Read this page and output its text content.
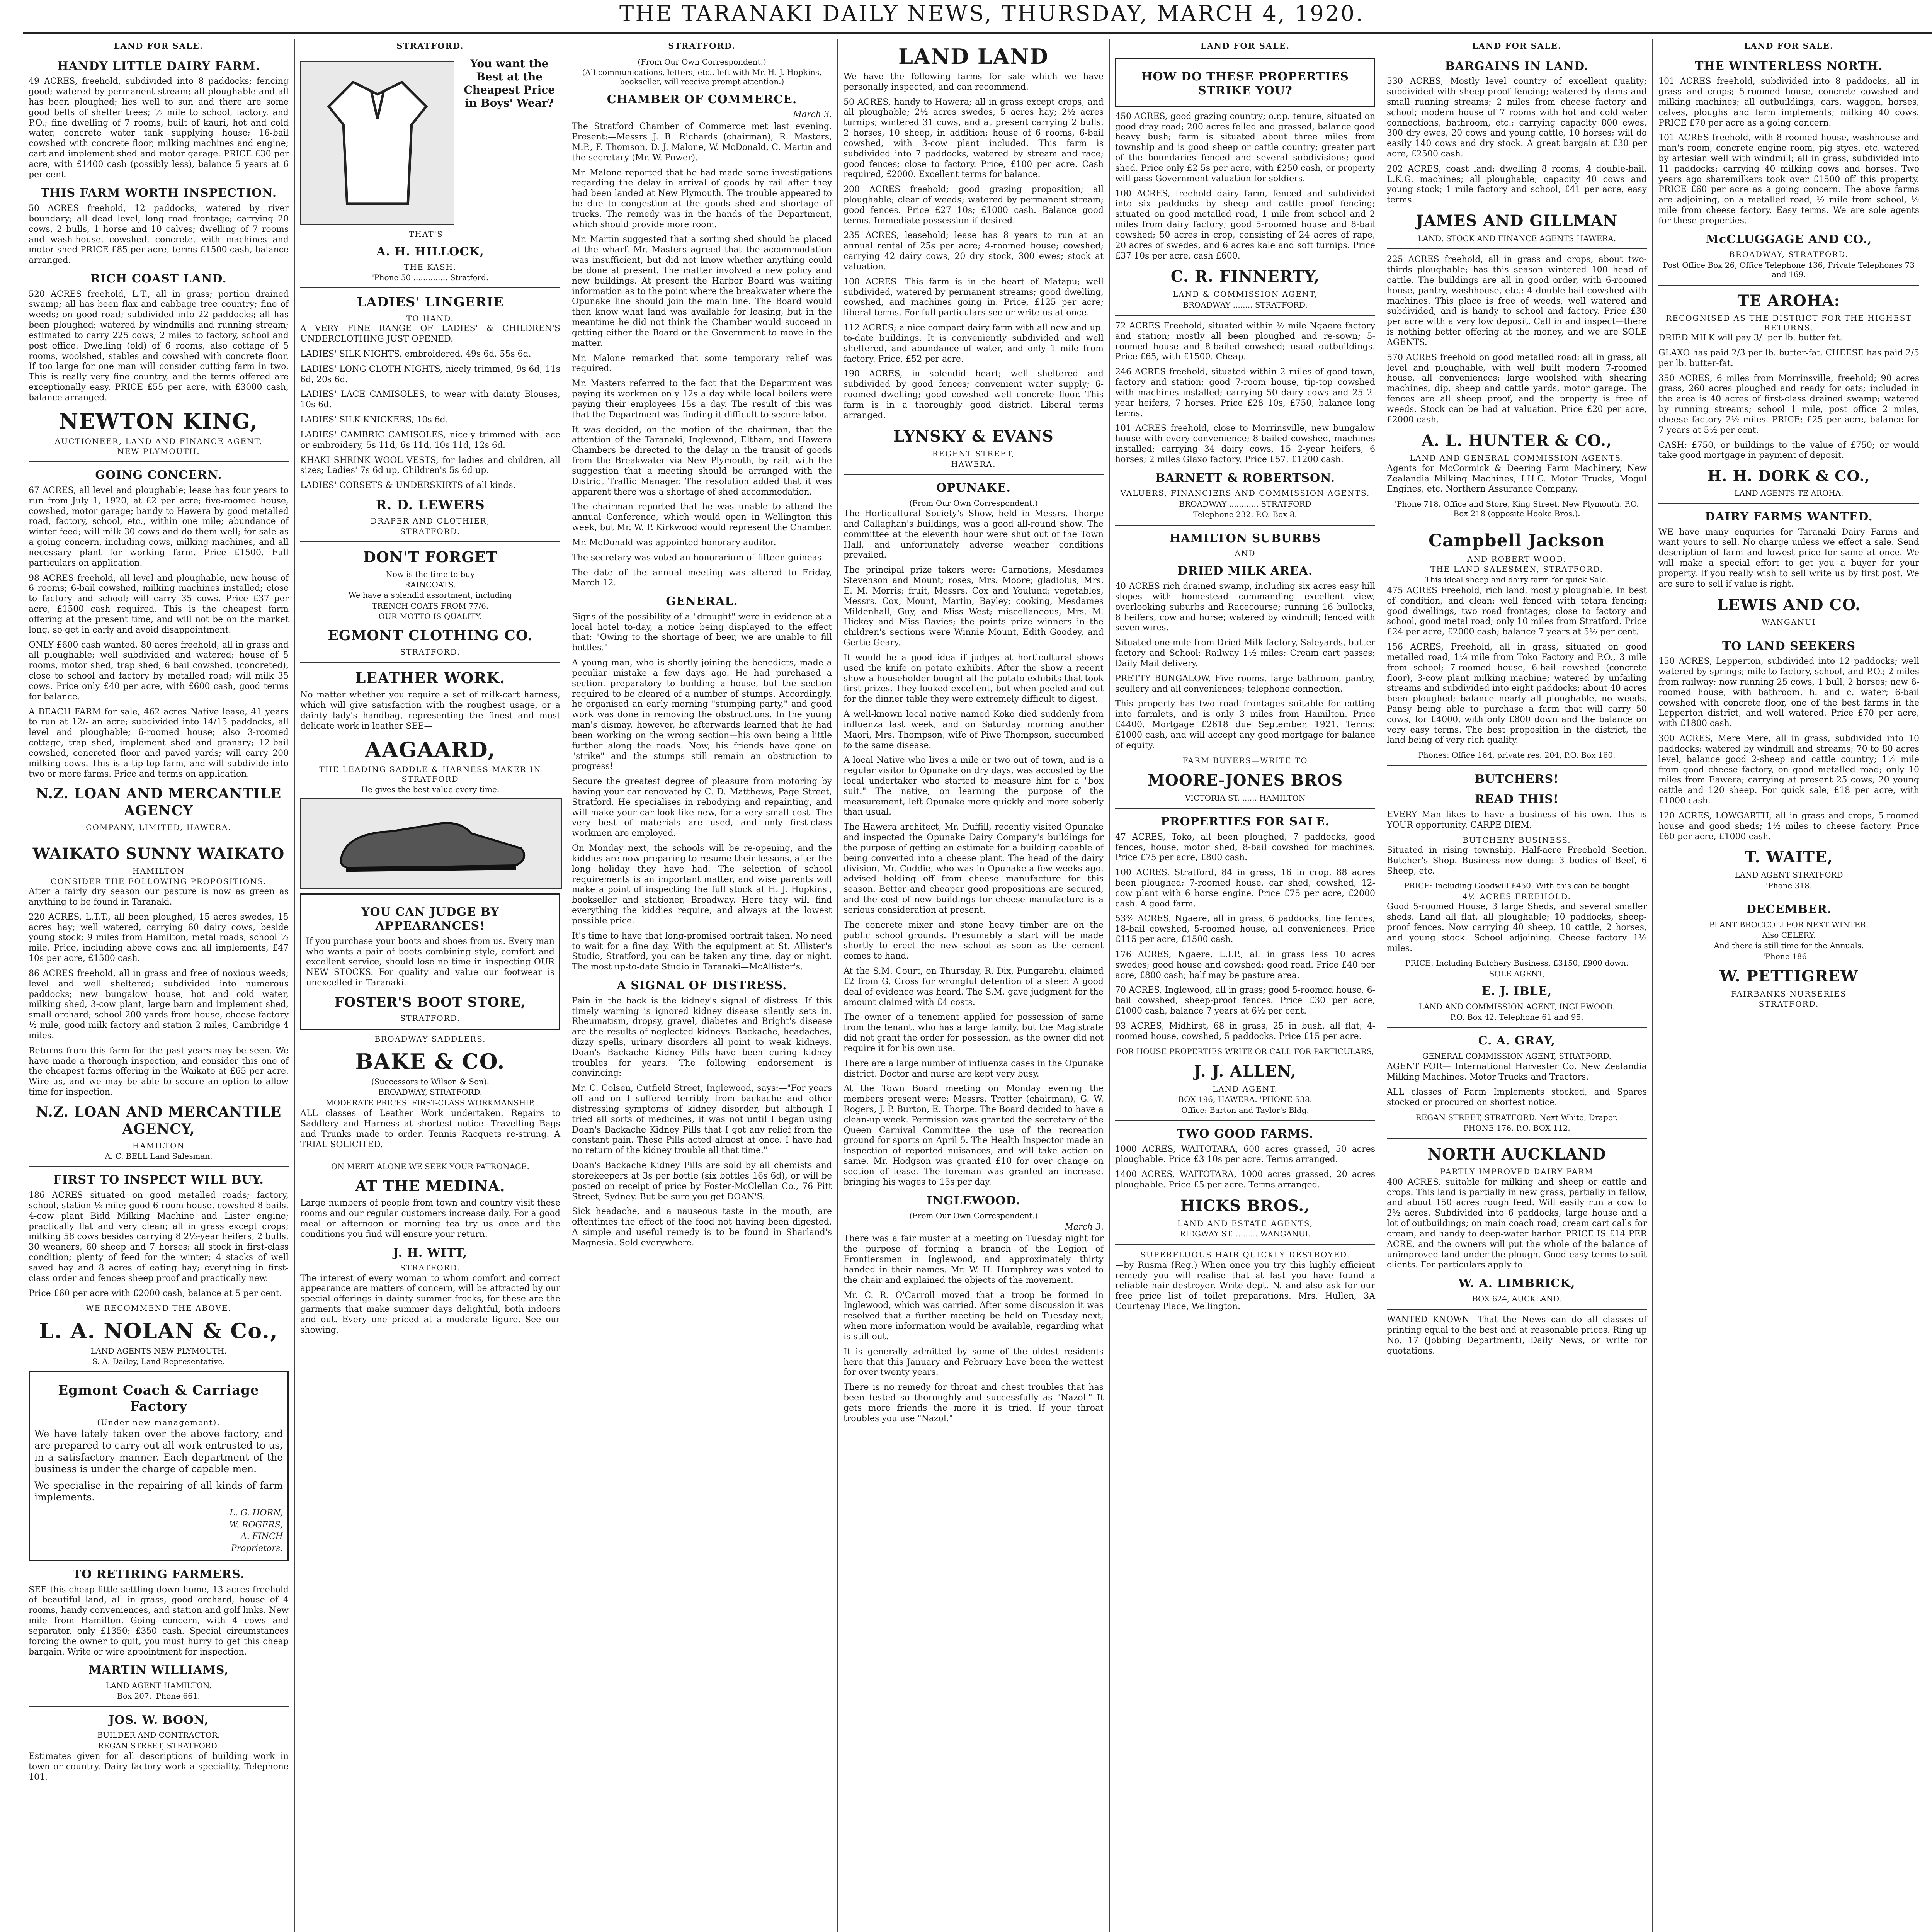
THE TARANAKI DAILY NEWS, THURSDAY, MARCH 4, 1920.
LAND FOR SALE.
HANDY LITTLE DAIRY FARM.

49 ACRES, freehold, subdivided into 8 paddocks; fencing good; watered by permanent stream; all ploughable and all has been ploughed; lies well to sun and there are some good belts of shelter trees; ½ mile to school, factory, and P.O.; fine dwelling of 7 rooms, built of kauri, hot and cold water, concrete water tank supplying house; 16-bail cowshed with concrete floor, milking machines and engine; cart and implement shed and motor garage. PRICE £30 per acre, with £1400 cash (possibly less), balance 5 years at 6 per cent.

THIS FARM WORTH INSPECTION.

50 ACRES freehold, 12 paddocks, watered by river boundary; all dead level, long road frontage; carrying 20 cows, 2 bulls, 1 horse and 10 calves; dwelling of 7 rooms and wash-house, cowshed, concrete, with machines and motor shed PRICE £85 per acre, terms £1500 cash, balance arranged.

RICH COAST LAND.

520 ACRES freehold, L.T., all in grass; portion drained swamp; all has been flax and cabbage tree country; fine of weeds; on good road; subdivided into 22 paddocks; all has been ploughed; watered by windmills and running stream; estimated to carry 225 cows; 2 miles to factory, school and post office. Dwelling (old) of 6 rooms, also cottage of 5 rooms, woolshed, stables and cowshed with concrete floor. If too large for one man will consider cutting farm in two. This is really very fine country, and the terms offered are exceptionally easy. PRICE £55 per acre, with £3000 cash, balance arranged.

NEWTON KING,
AUCTIONEER, LAND AND FINANCE AGENT,
NEW PLYMOUTH.
GOING CONCERN.

67 ACRES, all level and ploughable; lease has four years to run from July 1, 1920, at £2 per acre; five-roomed house, cowshed, motor garage; handy to Hawera by good metalled road, factory, school, etc., within one mile; abundance of winter feed; will milk 30 cows and do them well; for sale as a going concern, including cows, milking machines, and all necessary plant for working farm. Price £1500. Full particulars on application.

98 ACRES freehold, all level and ploughable, new house of 6 rooms; 6-bail cowshed, milking machines installed; close to factory and school; will carry 35 cows. Price £37 per acre, £1500 cash required. This is the cheapest farm offering at the present time, and will not be on the market long, so get in early and avoid disappointment.

ONLY £600 cash wanted. 80 acres freehold, all in grass and all ploughable; well subdivided and watered; house of 5 rooms, motor shed, trap shed, 6 bail cowshed, (concreted), close to school and factory by metalled road; will milk 35 cows. Price only £40 per acre, with £600 cash, good terms for balance.

A BEACH FARM for sale, 462 acres Native lease, 41 years to run at 12/- an acre; subdivided into 14/15 paddocks, all level and ploughable; 6-roomed house; also 3-roomed cottage, trap shed, implement shed and granary; 12-bail cowshed, concreted floor and paved yards; will carry 200 milking cows. This is a tip-top farm, and will subdivide into two or more farms. Price and terms on application.

N.Z. LOAN AND MERCANTILE AGENCY
COMPANY, LIMITED, HAWERA.
WAIKATO SUNNY WAIKATO
HAMILTON
CONSIDER THE FOLLOWING PROPOSITIONS.

After a fairly dry season our pasture is now as green as anything to be found in Taranaki.

220 ACRES, L.T.T., all been ploughed, 15 acres swedes, 15 acres hay; well watered, carrying 60 dairy cows, beside young stock; 9 miles from Hamilton, metal roads, school ½ mile. Price, including above cows and all implements, £47 10s per acre, £1500 cash.

86 ACRES freehold, all in grass and free of noxious weeds; level and well sheltered; subdivided into numerous paddocks; new bungalow house, hot and cold water, milking shed, 3-cow plant, large barn and implement shed, small orchard; school 200 yards from house, cheese factory ½ mile, good milk factory and station 2 miles, Cambridge 4 miles.

Returns from this farm for the past years may be seen. We have made a thorough inspection, and consider this one of the cheapest farms offering in the Waikato at £65 per acre. Wire us, and we may be able to secure an option to allow time for inspection.

N.Z. LOAN AND MERCANTILE AGENCY,
HAMILTON
A. C. BELL Land Salesman.
FIRST TO INSPECT WILL BUY.

186 ACRES situated on good metalled roads; factory, school, station ½ mile; good 6-room house, cowshed 8 bails, 4-cow plant Bidd Milking Machine and Lister engine; practically flat and very clean; all in grass except crops; milking 58 cows besides carrying 8 2½-year heifers, 2 bulls, 30 weaners, 60 sheep and 7 horses; all stock in first-class condition; plenty of feed for the winter; 4 stacks of well saved hay and 8 acres of eating hay; everything in first-class order and fences sheep proof and practically new.

Price £60 per acre with £2000 cash, balance at 5 per cent.

WE RECOMMEND THE ABOVE.
L. A. NOLAN & Co.,
LAND AGENTS NEW PLYMOUTH.
S. A. Dailey, Land Representative.
Egmont Coach & Carriage Factory
(Under new management).

We have lately taken over the above factory, and are prepared to carry out all work entrusted to us, in a satisfactory manner. Each department of the business is under the charge of capable men.

We specialise in the repairing of all kinds of farm implements.

L. G. HORN,
W. ROGERS,
A. FINCH
Proprietors.
TO RETIRING FARMERS.

SEE this cheap little settling down home, 13 acres freehold of beautiful land, all in grass, good orchard, house of 4 rooms, handy conveniences, and station and golf links. New mile from Hamilton. Going concern, with 4 cows and separator, only £1350; £350 cash. Special circumstances forcing the owner to quit, you must hurry to get this cheap bargain. Write or wire appointment for inspection.

MARTIN WILLIAMS,
LAND AGENT HAMILTON.
Box 207. 'Phone 661.
JOS. W. BOON,
BUILDER AND CONTRACTOR.
REGAN STREET, STRATFORD.

Estimates given for all descriptions of building work in town or country. Dairy factory work a speciality. Telephone 101.

STRATFORD.
You want the Best at the Cheapest Price in Boys' Wear?
THAT'S—
A. H. HILLOCK,
THE KASH.
'Phone 50 .............. Stratford.
LADIES' LINGERIE
TO HAND.

A VERY FINE RANGE OF LADIES' & CHILDREN'S UNDERCLOTHING JUST OPENED.

LADIES' SILK NIGHTS, embroidered, 49s 6d, 55s 6d.

LADIES' LONG CLOTH NIGHTS, nicely trimmed, 9s 6d, 11s 6d, 20s 6d.

LADIES' LACE CAMISOLES, to wear with dainty Blouses, 10s 6d.

LADIES' SILK KNICKERS, 10s 6d.

LADIES' CAMBRIC CAMISOLES, nicely trimmed with lace or embroidery, 5s 11d, 6s 11d, 10s 11d, 12s 6d.

KHAKI SHRINK WOOL VESTS, for ladies and children, all sizes; Ladies' 7s 6d up, Children's 5s 6d up.

LADIES' CORSETS & UNDERSKIRTS of all kinds.

R. D. LEWERS
DRAPER AND CLOTHIER,
STRATFORD.
DON'T FORGET
Now is the time to buy
RAINCOATS.
We have a splendid assortment, including
TRENCH COATS FROM 77/6.
OUR MOTTO IS QUALITY.
EGMONT CLOTHING CO.
STRATFORD.
LEATHER WORK.

No matter whether you require a set of milk-cart harness, which will give satisfaction with the roughest usage, or a dainty lady's handbag, representing the finest and most delicate work in leather SEE—

AAGAARD,
THE LEADING SADDLE & HARNESS MAKER IN STRATFORD
He gives the best value every time.
YOU CAN JUDGE BY APPEARANCES!

If you purchase your boots and shoes from us. Every man who wants a pair of boots combining style, comfort and excellent service, should lose no time in inspecting OUR NEW STOCKS. For quality and value our footwear is unexcelled in Taranaki.

FOSTER'S BOOT STORE,
STRATFORD.
BROADWAY SADDLERS.
BAKE & CO.
(Successors to Wilson & Son).
BROADWAY, STRATFORD.
MODERATE PRICES. FIRST-CLASS WORKMANSHIP.

ALL classes of Leather Work undertaken. Repairs to Saddlery and Harness at shortest notice. Travelling Bags and Trunks made to order. Tennis Racquets re-strung. A TRIAL SOLICITED.

ON MERIT ALONE WE SEEK YOUR PATRONAGE.
AT THE MEDINA.

Large numbers of people from town and country visit these rooms and our regular customers increase daily. For a good meal or afternoon or morning tea try us once and the conditions you find will ensure your return.

J. H. WITT,
STRATFORD.

The interest of every woman to whom comfort and correct appearance are matters of concern, will be attracted by our special offerings in dainty summer frocks, for these are the garments that make summer days delightful, both indoors and out. Every one priced at a moderate figure. See our showing.

STRATFORD.
(From Our Own Correspondent.)
(All communications, letters, etc., left with Mr. H. J. Hopkins, bookseller, will receive prompt attention.)
CHAMBER OF COMMERCE.
March 3.

The Stratford Chamber of Commerce met last evening. Present:—Messrs J. B. Richards (chairman), R. Masters, M.P., F. Thomson, D. J. Malone, W. McDonald, C. Martin and the secretary (Mr. W. Power).

Mr. Malone reported that he had made some investigations regarding the delay in arrival of goods by rail after they had been landed at New Plymouth. The trouble appeared to be due to congestion at the goods shed and shortage of trucks. The remedy was in the hands of the Department, which should provide more room.

Mr. Martin suggested that a sorting shed should be placed at the wharf. Mr. Masters agreed that the accommodation was insufficient, but did not know whether anything could be done at present. The matter involved a new policy and new buildings. At present the Harbor Board was waiting information as to the point where the breakwater where the Opunake line should join the main line. The Board would then know what land was available for leasing, but in the meantime he did not think the Chamber would succeed in getting either the Board or the Government to move in the matter.

Mr. Malone remarked that some temporary relief was required.

Mr. Masters referred to the fact that the Department was paying its workmen only 12s a day while local boilers were paying their employees 15s a day. The result of this was that the Department was finding it difficult to secure labor.

It was decided, on the motion of the chairman, that the attention of the Taranaki, Inglewood, Eltham, and Hawera Chambers be directed to the delay in the transit of goods from the Breakwater via New Plymouth, by rail, with the suggestion that a meeting should be arranged with the District Traffic Manager. The resolution added that it was apparent there was a shortage of shed accommodation.

The chairman reported that he was unable to attend the annual Conference, which would open in Wellington this week, but Mr. W. P. Kirkwood would represent the Chamber.

Mr. McDonald was appointed honorary auditor.

The secretary was voted an honorarium of fifteen guineas.

The date of the annual meeting was altered to Friday, March 12.

GENERAL.

Signs of the possibility of a "drought" were in evidence at a local hotel to-day, a notice being displayed to the effect that: "Owing to the shortage of beer, we are unable to fill bottles."

A young man, who is shortly joining the benedicts, made a peculiar mistake a few days ago. He had purchased a section, preparatory to building a house, but the section required to be cleared of a number of stumps. Accordingly, he organised an early morning "stumping party," and good work was done in removing the obstructions. In the young man's dismay, however, he afterwards learned that he had been working on the wrong section—his own being a little further along the roads. Now, his friends have gone on "strike" and the stumps still remain an obstruction to progress!

Secure the greatest degree of pleasure from motoring by having your car renovated by C. D. Matthews, Page Street, Stratford. He specialises in rebodying and repainting, and will make your car look like new, for a very small cost. The very best of materials are used, and only first-class workmen are employed.

On Monday next, the schools will be re-opening, and the kiddies are now preparing to resume their lessons, after the long holiday they have had. The selection of school requirements is an important matter, and wise parents will make a point of inspecting the full stock at H. J. Hopkins', bookseller and stationer, Broadway. Here they will find everything the kiddies require, and always at the lowest possible price.

It's time to have that long-promised portrait taken. No need to wait for a fine day. With the equipment at St. Allister's Studio, Stratford, you can be taken any time, day or night. The most up-to-date Studio in Taranaki—McAllister's.

A SIGNAL OF DISTRESS.

Pain in the back is the kidney's signal of distress. If this timely warning is ignored kidney disease silently sets in. Rheumatism, dropsy, gravel, diabetes and Bright's disease are the results of neglected kidneys. Backache, headaches, dizzy spells, urinary disorders all point to weak kidneys. Doan's Backache Kidney Pills have been curing kidney troubles for years. The following endorsement is convincing:

Mr. C. Colsen, Cutfield Street, Inglewood, says:—"For years off and on I suffered terribly from backache and other distressing symptoms of kidney disorder, but although I tried all sorts of medicines, it was not until I began using Doan's Backache Kidney Pills that I got any relief from the constant pain. These Pills acted almost at once. I have had no return of the kidney trouble all that time."

Doan's Backache Kidney Pills are sold by all chemists and storekeepers at 3s per bottle (six bottles 16s 6d), or will be posted on receipt of price by Foster-McClellan Co., 76 Pitt Street, Sydney. But be sure you get DOAN'S.

Sick headache, and a nauseous taste in the mouth, are oftentimes the effect of the food not having been digested. A simple and useful remedy is to be found in Sharland's Magnesia. Sold everywhere.

LAND LAND

We have the following farms for sale which we have personally inspected, and can recommend.

50 ACRES, handy to Hawera; all in grass except crops, and all ploughable; 2½ acres swedes, 5 acres hay; 2½ acres turnips; wintered 31 cows, and at present carrying 2 bulls, 2 horses, 10 sheep, in addition; house of 6 rooms, 6-bail cowshed, with 3-cow plant included. This farm is subdivided into 7 paddocks, watered by stream and race; good fences; close to factory. Price, £100 per acre. Cash required, £2000. Excellent terms for balance.

200 ACRES freehold; good grazing proposition; all ploughable; clear of weeds; watered by permanent stream; good fences. Price £27 10s; £1000 cash. Balance good terms. Immediate possession if desired.

235 ACRES, leasehold; lease has 8 years to run at an annual rental of 25s per acre; 4-roomed house; cowshed; carrying 42 dairy cows, 20 dry stock, 300 ewes; stock at valuation.

100 ACRES—This farm is in the heart of Matapu; well subdivided, watered by permanent streams; good dwelling, cowshed, and machines going in. Price, £125 per acre; liberal terms. For full particulars see or write us at once.

112 ACRES; a nice compact dairy farm with all new and up-to-date buildings. It is conveniently subdivided and well sheltered, and abundance of water, and only 1 mile from factory. Price, £52 per acre.

190 ACRES, in splendid heart; well sheltered and subdivided by good fences; convenient water supply; 6-roomed dwelling; good cowshed well concrete floor. This farm is in a thoroughly good district. Liberal terms arranged.

LYNSKY & EVANS
REGENT STREET,
HAWERA.
OPUNAKE.
(From Our Own Correspondent.)

The Horticultural Society's Show, held in Messrs. Thorpe and Callaghan's buildings, was a good all-round show. The committee at the eleventh hour were shut out of the Town Hall, and unfortunately adverse weather conditions prevailed.

The principal prize takers were: Carnations, Mesdames Stevenson and Mount; roses, Mrs. Moore; gladiolus, Mrs. E. M. Morris; fruit, Messrs. Cox and Youlund; vegetables, Messrs. Cox, Mount, Martin, Bayley; cooking, Mesdames Mildenhall, Guy, and Miss West; miscellaneous, Mrs. M. Hickey and Miss Davies; the points prize winners in the children's sections were Winnie Mount, Edith Goodey, and Gertie Geary.

It would be a good idea if judges at horticultural shows used the knife on potato exhibits. After the show a recent show a householder bought all the potato exhibits that took first prizes. They looked excellent, but when peeled and cut for the dinner table they were extremely difficult to digest.

A well-known local native named Koko died suddenly from influenza last week, and on Saturday morning another Maori, Mrs. Thompson, wife of Piwe Thompson, succumbed to the same disease.

A local Native who lives a mile or two out of town, and is a regular visitor to Opunake on dry days, was accosted by the local undertaker who started to measure him for a "box suit." The native, on learning the purpose of the measurement, left Opunake more quickly and more soberly than usual.

The Hawera architect, Mr. Duffill, recently visited Opunake and inspected the Opunake Dairy Company's buildings for the purpose of getting an estimate for a building capable of being converted into a cheese plant. The head of the dairy division, Mr. Cuddie, who was in Opunake a few weeks ago, advised holding off from cheese manufacture for this season. Better and cheaper good propositions are secured, and the cost of new buildings for cheese manufacture is a serious consideration at present.

The concrete mixer and stone heavy timber are on the public school grounds. Presumably a start will be made shortly to erect the new school as soon as the cement comes to hand.

At the S.M. Court, on Thursday, R. Dix, Pungarehu, claimed £2 from G. Cross for wrongful detention of a steer. A good deal of evidence was heard. The S.M. gave judgment for the amount claimed with £4 costs.

The owner of a tenement applied for possession of same from the tenant, who has a large family, but the Magistrate did not grant the order for possession, as the owner did not require it for his own use.

There are a large number of influenza cases in the Opunake district. Doctor and nurse are kept very busy.

At the Town Board meeting on Monday evening the members present were: Messrs. Trotter (chairman), G. W. Rogers, J. P. Burton, E. Thorpe. The Board decided to have a clean-up week. Permission was granted the secretary of the Queen Carnival Committee the use of the recreation ground for sports on April 5. The Health Inspector made an inspection of reported nuisances, and will take action on same. Mr. Hodgson was granted £10 for over change on section of lease. The foreman was granted an increase, bringing his wages to 15s per day.

INGLEWOOD.
(From Our Own Correspondent.)
March 3.

There was a fair muster at a meeting on Tuesday night for the purpose of forming a branch of the Legion of Frontiersmen in Inglewood, and approximately thirty handed in their names. Mr. W. H. Humphrey was voted to the chair and explained the objects of the movement.

Mr. C. R. O'Carroll moved that a troop be formed in Inglewood, which was carried. After some discussion it was resolved that a further meeting be held on Tuesday next, when more information would be available, regarding what is still out.

It is generally admitted by some of the oldest residents here that this January and February have been the wettest for over twenty years.

There is no remedy for throat and chest troubles that has been tested so thoroughly and successfully as "Nazol." It gets more friends the more it is tried. If your throat troubles you use "Nazol."

LAND FOR SALE.
HOW DO THESE PROPERTIES STRIKE YOU?

450 ACRES, good grazing country; o.r.p. tenure, situated on good dray road; 200 acres felled and grassed, balance good heavy bush; farm is situated about three miles from township and is good sheep or cattle country; greater part of the boundaries fenced and several subdivisions; good shed. Price only £2 5s per acre, with £250 cash, or property will pass Government valuation for soldiers.

100 ACRES, freehold dairy farm, fenced and subdivided into six paddocks by sheep and cattle proof fencing; situated on good metalled road, 1 mile from school and 2 miles from dairy factory; good 5-roomed house and 8-bail cowshed; 50 acres in crop, consisting of 24 acres of rape, 20 acres of swedes, and 6 acres kale and soft turnips. Price £37 10s per acre, cash £600.

C. R. FINNERTY,
LAND & COMMISSION AGENT,
BROADWAY ........ STRATFORD.

72 ACRES Freehold, situated within ½ mile Ngaere factory and station; mostly all been ploughed and re-sown; 5-roomed house and 8-bailed cowshed; usual outbuildings. Price £65, with £1500. Cheap.

246 ACRES freehold, situated within 2 miles of good town, factory and station; good 7-room house, tip-top cowshed with machines installed; carrying 50 dairy cows and 25 2-year heifers, 7 horses. Price £28 10s, £750, balance long terms.

101 ACRES freehold, close to Morrinsville, new bungalow house with every convenience; 8-bailed cowshed, machines installed; carrying 34 dairy cows, 15 2-year heifers, 6 horses; 2 miles Glaxo factory. Price £57, £1200 cash.

BARNETT & ROBERTSON.
VALUERS, FINANCIERS AND COMMISSION AGENTS.
BROADWAY ............ STRATFORD
Telephone 232. P.O. Box 8.
HAMILTON SUBURBS
—AND—
DRIED MILK AREA.

40 ACRES rich drained swamp, including six acres easy hill slopes with homestead commanding excellent view, overlooking suburbs and Racecourse; running 16 bullocks, 8 heifers, cow and horse; watered by windmill; fenced with seven wires.

Situated one mile from Dried Milk factory, Saleyards, butter factory and School; Railway 1½ miles; Cream cart passes; Daily Mail delivery.

PRETTY BUNGALOW. Five rooms, large bathroom, pantry, scullery and all conveniences; telephone connection.

This property has two road frontages suitable for cutting into farmlets, and is only 3 miles from Hamilton. Price £4400. Mortgage £2618 due September, 1921. Terms: £1000 cash, and will accept any good mortgage for balance of equity.

FARM BUYERS—WRITE TO
MOORE-JONES BROS
VICTORIA ST. ...... HAMILTON
PROPERTIES FOR SALE.

47 ACRES, Toko, all been ploughed, 7 paddocks, good fences, house, motor shed, 8-bail cowshed for machines. Price £75 per acre, £800 cash.

100 ACRES, Stratford, 84 in grass, 16 in crop, 88 acres been ploughed; 7-roomed house, car shed, cowshed, 12-cow plant with 6 horse engine. Price £75 per acre, £2000 cash. A good farm.

53¾ ACRES, Ngaere, all in grass, 6 paddocks, fine fences, 18-bail cowshed, 5-roomed house, all conveniences. Price £115 per acre, £1500 cash.

176 ACRES, Ngaere, L.I.P., all in grass less 10 acres swedes; good house and cowshed; good road. Price £40 per acre, £800 cash; half may be pasture area.

70 ACRES, Inglewood, all in grass; good 5-roomed house, 6-bail cowshed, sheep-proof fences. Price £30 per acre, £1000 cash, balance 7 years at 6½ per cent.

93 ACRES, Midhirst, 68 in grass, 25 in bush, all flat, 4-roomed house, cowshed, 5 paddocks. Price £15 per acre.

FOR HOUSE PROPERTIES WRITE OR CALL FOR PARTICULARS,
J. J. ALLEN,
LAND AGENT.
BOX 196, HAWERA. 'PHONE 538.
Office: Barton and Taylor's Bldg.
TWO GOOD FARMS.

1000 ACRES, WAITOTARA, 600 acres grassed, 50 acres ploughable. Price £3 10s per acre. Terms arranged.

1400 ACRES, WAITOTARA, 1000 acres grassed, 20 acres ploughable. Price £5 per acre. Terms arranged.

HICKS BROS.,
LAND AND ESTATE AGENTS,
RIDGWAY ST. ......... WANGANUI.
SUPERFLUOUS HAIR QUICKLY DESTROYED.

—by Rusma (Reg.) When once you try this highly efficient remedy you will realise that at last you have found a reliable hair destroyer. Write dept. N. and also ask for our free price list of toilet preparations. Mrs. Hullen, 3A Courtenay Place, Wellington.

LAND FOR SALE.
BARGAINS IN LAND.

530 ACRES, Mostly level country of excellent quality; subdivided with sheep-proof fencing; watered by dams and small running streams; 2 miles from cheese factory and school; modern house of 7 rooms with hot and cold water connections, bathroom, etc.; carrying capacity 800 ewes, 300 dry ewes, 20 cows and young cattle, 10 horses; will do easily 140 cows and dry stock. A great bargain at £30 per acre, £2500 cash.

202 ACRES, coast land; dwelling 8 rooms, 4 double-bail, L.K.G. machines; all ploughable; capacity 40 cows and young stock; 1 mile factory and school, £41 per acre, easy terms.

JAMES AND GILLMAN
LAND, STOCK AND FINANCE AGENTS HAWERA.

225 ACRES freehold, all in grass and crops, about two-thirds ploughable; has this season wintered 100 head of cattle. The buildings are all in good order, with 6-roomed house, pantry, washhouse, etc.; 4 double-bail cowshed with machines. This place is free of weeds, well watered and subdivided, and is handy to school and factory. Price £30 per acre with a very low deposit. Call in and inspect—there is nothing better offering at the money, and we are SOLE AGENTS.

570 ACRES freehold on good metalled road; all in grass, all level and ploughable, with well built modern 7-roomed house, all conveniences; large woolshed with shearing machines, dip, sheep and cattle yards, motor garage. The fences are all sheep proof, and the property is free of weeds. Stock can be had at valuation. Price £20 per acre, £2000 cash.

A. L. HUNTER & CO.,
LAND AND GENERAL COMMISSION AGENTS.

Agents for McCormick & Deering Farm Machinery, New Zealandia Milking Machines, I.H.C. Motor Trucks, Mogul Engines, etc. Northern Assurance Company.

'Phone 718. Office and Store, King Street, New Plymouth. P.O. Box 218 (opposite Hooke Bros.).
Campbell Jackson
AND ROBERT WOOD.
THE LAND SALESMEN, STRATFORD.
This ideal sheep and dairy farm for quick Sale.

475 ACRES Freehold, rich land, mostly ploughable. In best of condition, and clean; well fenced with totara fencing; good dwellings, two road frontages; close to factory and school, good metal road; only 10 miles from Stratford. Price £24 per acre, £2000 cash; balance 7 years at 5½ per cent.

156 ACRES, Freehold, all in grass, situated on good metalled road, 1¼ mile from Toko Factory and P.O., 3 mile from school; 7-roomed house, 6-bail cowshed (concrete floor), 3-cow plant milking machine; watered by unfailing streams and subdivided into eight paddocks; about 40 acres been ploughed; balance nearly all ploughable, no weeds. Pansy being able to purchase a farm that will carry 50 cows, for £4000, with only £800 down and the balance on very easy terms. The best proposition in the district, the land being of very rich quality.

Phones: Office 164, private res. 204, P.O. Box 160.
BUTCHERS!
READ THIS!

EVERY Man likes to have a business of his own. This is YOUR opportunity. CARPE DIEM.

BUTCHERY BUSINESS.

Situated in rising township. Half-acre Freehold Section. Butcher's Shop. Business now doing: 3 bodies of Beef, 6 Sheep, etc.

PRICE: Including Goodwill £450. With this can be bought
4½ ACRES FREEHOLD.

Good 5-roomed House, 3 large Sheds, and several smaller sheds. Land all flat, all ploughable; 10 paddocks, sheep-proof fences. Now carrying 40 sheep, 10 cattle, 2 horses, and young stock. School adjoining. Cheese factory 1½ miles.

PRICE: Including Butchery Business, £3150, £900 down.
SOLE AGENT,
E. J. IBLE,
LAND AND COMMISSION AGENT, INGLEWOOD.
P.O. Box 42. Telephone 61 and 95.
C. A. GRAY,
GENERAL COMMISSION AGENT, STRATFORD.

AGENT FOR— International Harvester Co. New Zealandia Milking Machines. Motor Trucks and Tractors.

ALL classes of Farm Implements stocked, and Spares stocked or procured on shortest notice.

REGAN STREET, STRATFORD. Next White, Draper.
PHONE 176. P.O. BOX 112.
NORTH AUCKLAND
PARTLY IMPROVED DAIRY FARM

400 ACRES, suitable for milking and sheep or cattle and crops. This land is partially in new grass, partially in fallow, and about 150 acres rough feed. Will easily run a cow to 2½ acres. Subdivided into 6 paddocks, large house and a lot of outbuildings; on main coach road; cream cart calls for cream, and handy to deep-water harbor. PRICE IS £14 PER ACRE, and the owners will put the whole of the balance of unimproved land under the plough. Good easy terms to suit clients. For particulars apply to

W. A. LIMBRICK,
BOX 624, AUCKLAND.

WANTED KNOWN—That the News can do all classes of printing equal to the best and at reasonable prices. Ring up No. 17 (Jobbing Department), Daily News, or write for quotations.

LAND FOR SALE.
THE WINTERLESS NORTH.

101 ACRES freehold, subdivided into 8 paddocks, all in grass and crops; 5-roomed house, concrete cowshed and milking machines; all outbuildings, cars, waggon, horses, calves, ploughs and farm implements; milking 40 cows. PRICE £70 per acre as a going concern.

101 ACRES freehold, with 8-roomed house, washhouse and man's room, concrete engine room, pig styes, etc. watered by artesian well with windmill; all in grass, subdivided into 11 paddocks; carrying 40 milking cows and horses. Two years ago sharemilkers took over £1500 off this property. PRICE £60 per acre as a going concern. The above farms are adjoining, on a metalled road, ½ mile from school, ½ mile from cheese factory. Easy terms. We are sole agents for these properties.

McCLUGGAGE AND CO.,
BROADWAY, STRATFORD.
Post Office Box 26, Office Telephone 136, Private Telephones 73 and 169.
TE AROHA:
RECOGNISED AS THE DISTRICT FOR THE HIGHEST RETURNS.

DRIED MILK will pay 3/- per lb. butter-fat.

GLAXO has paid 2/3 per lb. butter-fat. CHEESE has paid 2/5 per lb. butter-fat.

350 ACRES, 6 miles from Morrinsville, freehold; 90 acres grass, 260 acres ploughed and ready for oats; included in the area is 40 acres of first-class drained swamp; watered by running streams; school 1 mile, post office 2 miles, cheese factory 2½ miles. PRICE: £25 per acre, balance for 7 years at 5½ per cent.

CASH: £750, or buildings to the value of £750; or would take good mortgage in payment of deposit.

H. H. DORK & CO.,
LAND AGENTS TE AROHA.
DAIRY FARMS WANTED.

WE have many enquiries for Taranaki Dairy Farms and want yours to sell. No charge unless we effect a sale. Send description of farm and lowest price for same at once. We will make a special effort to get you a buyer for your property. If you really wish to sell write us by first post. We are sure to sell if value is right.

LEWIS AND CO.
WANGANUI
TO LAND SEEKERS

150 ACRES, Lepperton, subdivided into 12 paddocks; well watered by springs; mile to factory, school, and P.O.; 2 miles from railway; now running 25 cows, 1 bull, 2 horses; new 6-roomed house, with bathroom, h. and c. water; 6-bail cowshed with concrete floor, one of the best farms in the Lepperton district, and well watered. Price £70 per acre, with £1800 cash.

300 ACRES, Mere Mere, all in grass, subdivided into 10 paddocks; watered by windmill and streams; 70 to 80 acres level, balance good 2-sheep and cattle country; 1½ mile from good cheese factory, on good metalled road; only 10 miles from Eawera; carrying at present 25 cows, 20 young cattle and 120 sheep. For quick sale, £18 per acre, with £1000 cash.

120 ACRES, LOWGARTH, all in grass and crops, 5-roomed house and good sheds; 1½ miles to cheese factory. Price £60 per acre, £1000 cash.

T. WAITE,
LAND AGENT STRATFORD
'Phone 318.
DECEMBER.
PLANT BROCCOLI FOR NEXT WINTER.
Also CELERY.
And there is still time for the Annuals.
'Phone 186—
W. PETTIGREW
FAIRBANKS NURSERIES
STRATFORD.
